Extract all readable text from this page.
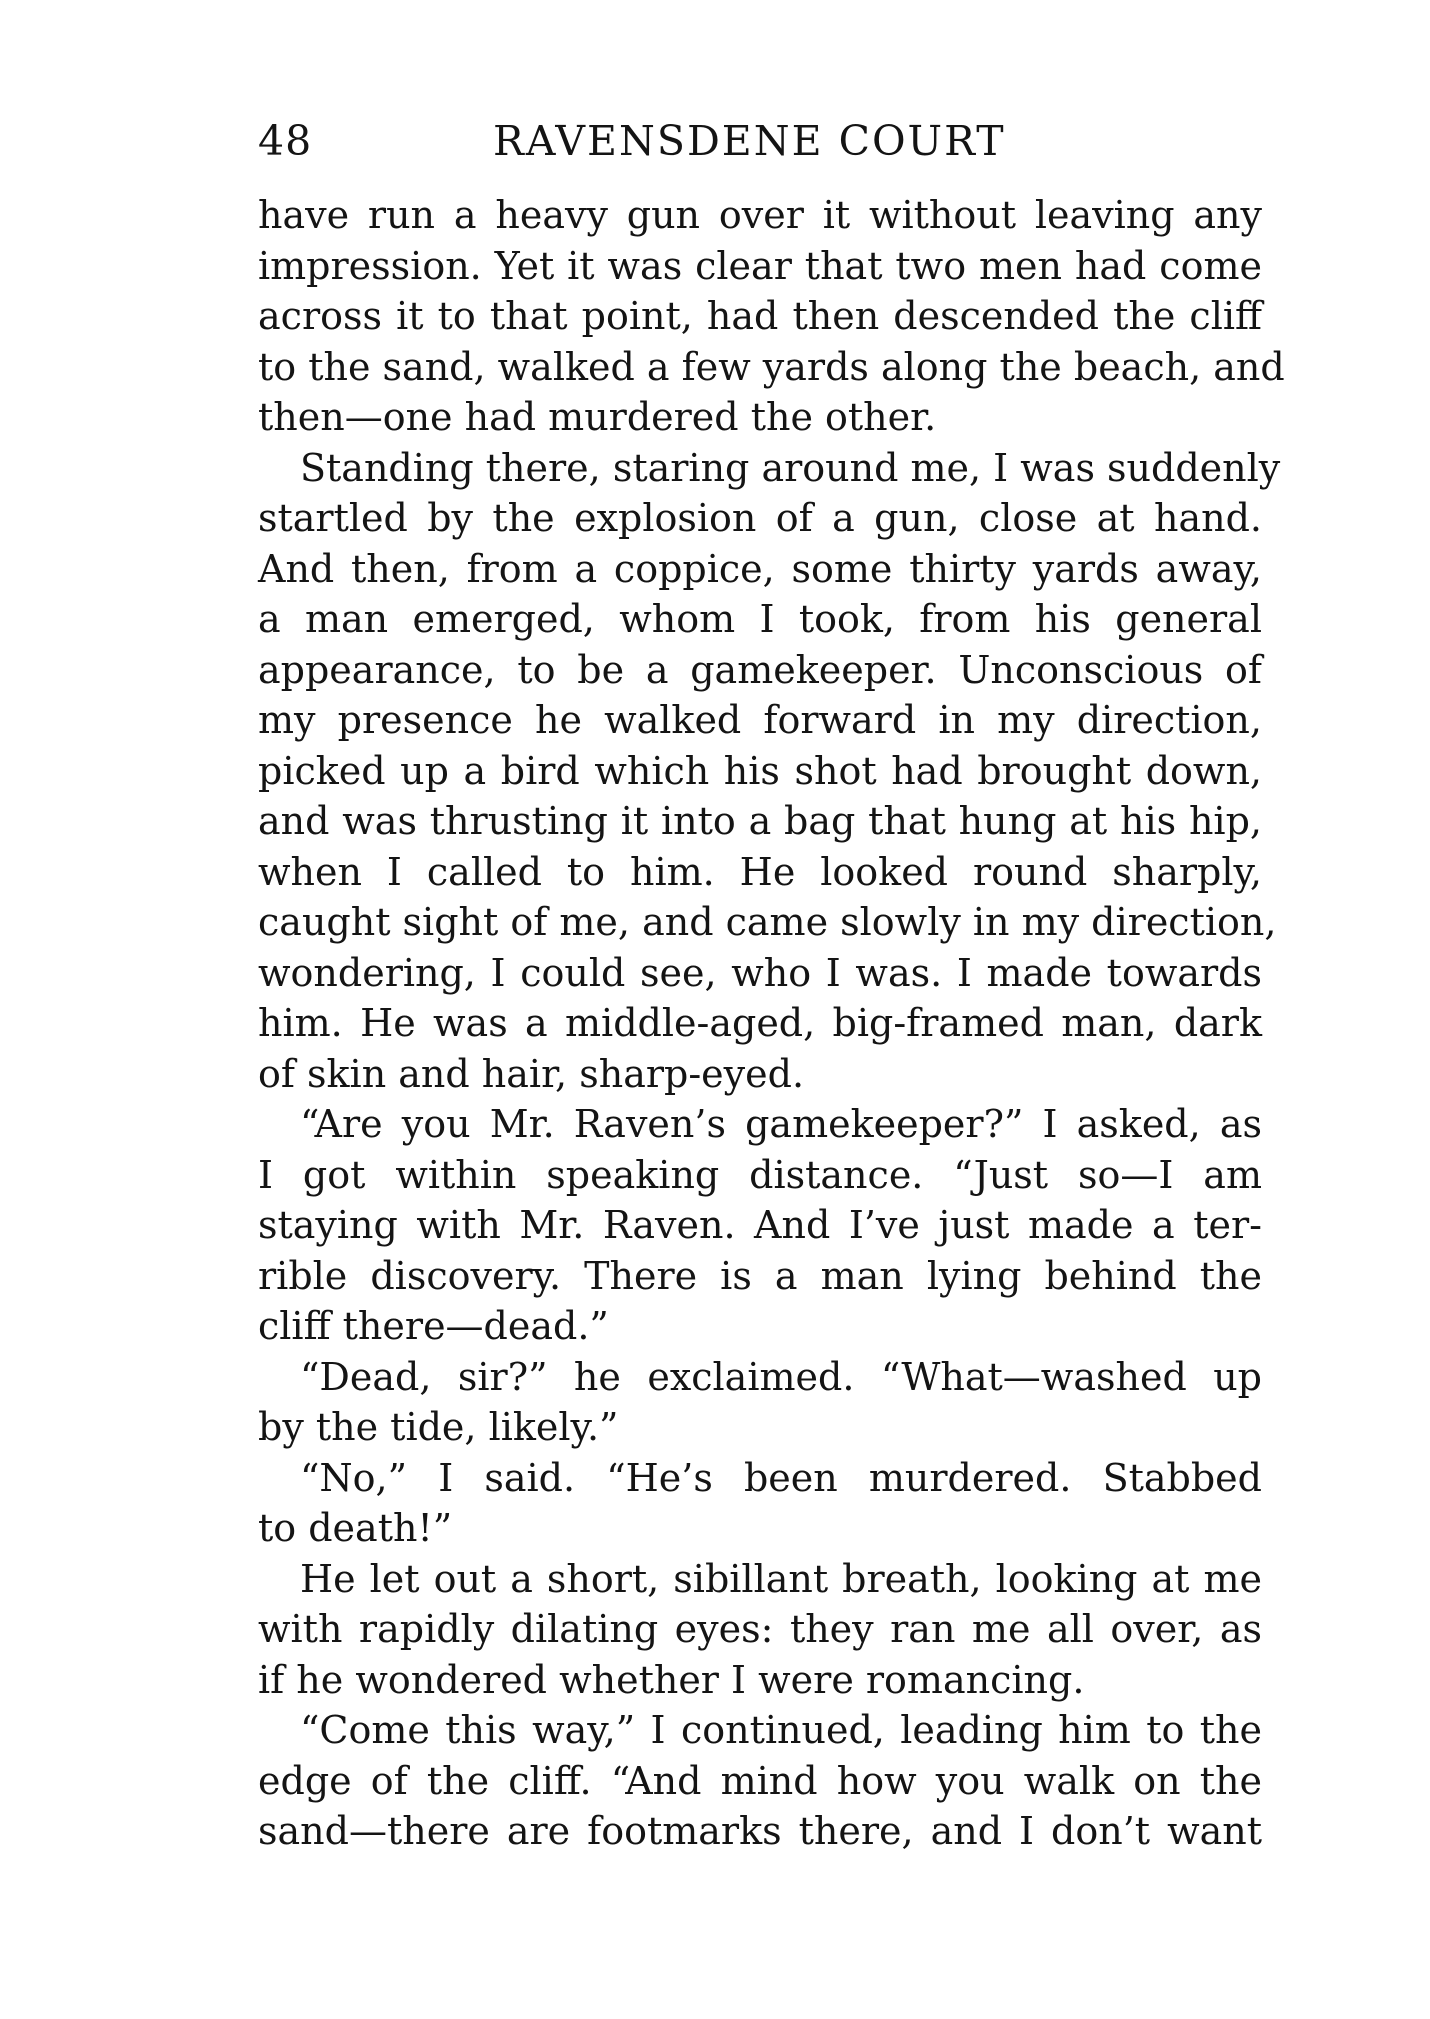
48	RAVENSDENE COURT
have run a heavy gun over it without leaving any
impression. Yet it was clear that two men had come
across it to that point, had then descended the cliff
to the sand, walked a few yards along the beach, and
then—one had murdered the other.
Standing there, staring around me, I was suddenly
startled by the explosion of a gun, close at hand.
And then, from a coppice, some thirty yards away,
a man emerged, whom I took, from his general
appearance, to be a gamekeeper. Unconscious of
my presence he walked forward in my direction,
picked up a bird which his shot had brought down,
and was thrusting it into a bag that hung at his hip,
when I called to him. He looked round sharply,
caught sight of me, and came slowly in my direction,
wondering, I could see, who I was. I made towards
him. He was a middle-aged, big-framed man, dark
of skin and hair, sharp-eyed.
“Are you Mr. Raven’s gamekeeper?” I asked, as
I got within speaking distance. “Just so—I am
staying with Mr. Raven. And I’ve just made a ter-
rible discovery. There is a man lying behind the
cliff there—dead.”
“Dead, sir?” he exclaimed. “What—washed up
by the tide, likely.”
“No,” I said. “He’s been murdered. Stabbed
to death!”
He let out a short, sibillant breath, looking at me
with rapidly dilating eyes: they ran me all over, as
if he wondered whether I were romancing.
“Come this way,” I continued, leading him to the
edge of the cliff. “And mind how you walk on the
sand—there are footmarks there, and I don’t want
